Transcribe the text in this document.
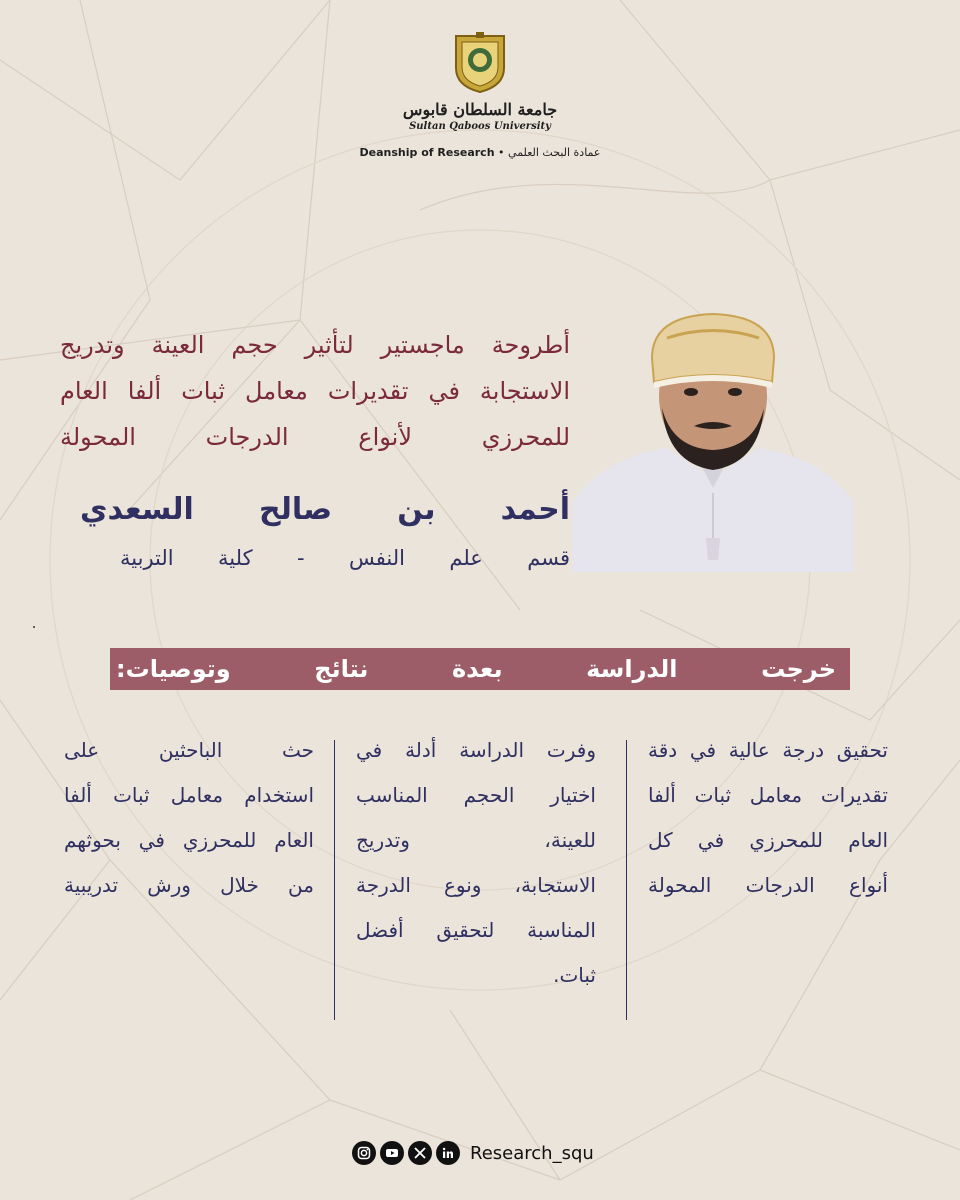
جامعة السلطان قابوس
Sultan Qaboos University
Deanship of Research • عمادة البحث العلمي
أطروحة ماجستير لتأثير حجم العينة وتدريج
الاستجابة في تقديرات معامل ثبات ألفا العام
للمحرزي لأنواع الدرجات المحولة
أحمد بن صالح السعدي
قسم علم النفس - كلية التربية
خرجت الدراسة بعدة نتائج وتوصيات:
تحقيق درجة عالية في دقة
تقديرات معامل ثبات ألفا
العام للمحرزي في كل
أنواع الدرجات المحولة
وفرت الدراسة أدلة في
اختيار الحجم المناسب
للعينة، وتدريج
الاستجابة، ونوع الدرجة
المناسبة لتحقيق أفضل
ثبات.
حث الباحثين على
استخدام معامل ثبات ألفا
العام للمحرزي في بحوثهم
من خلال ورش تدريبية
Research_squ
